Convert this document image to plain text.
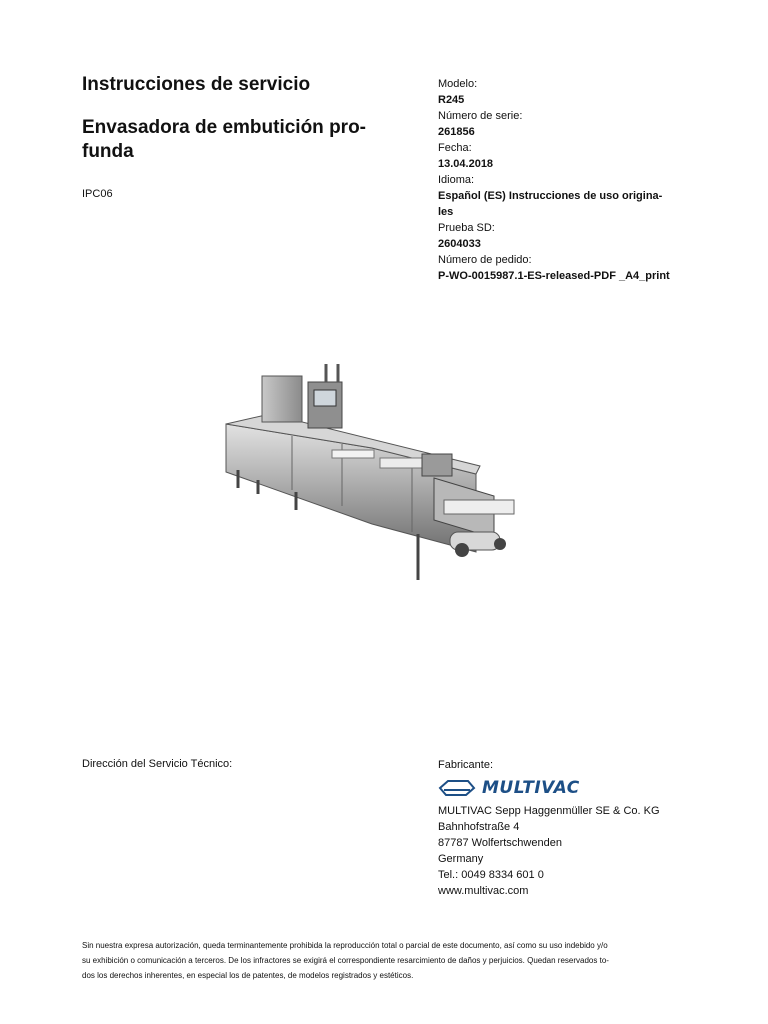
Instrucciones de servicio
Envasadora de embutición pro-
funda
IPC06
Modelo:
R245
Número de serie:
261856
Fecha:
13.04.2018
Idioma:
Español (ES) Instrucciones de uso origina-
les
Prueba SD:
2604033
Número de pedido:
P-WO-0015987.1-ES-released-PDF _A4_print
Dirección del Servicio Técnico:	Fabricante:
MULTIVAC
MULTIVAC Sepp Haggenmüller SE & Co. KG
Bahnhofstraße 4
87787 Wolfertschwenden
Germany
Tel.: 0049 8334 601 0
www.multivac.com
Sin nuestra expresa autorización, queda terminantemente prohibida la reproducción total o parcial de este documento, así como su uso indebido y/o
su exhibición o comunicación a terceros. De los infractores se exigirá el correspondiente resarcimiento de daños y perjuicios. Quedan reservados to-
dos los derechos inherentes, en especial los de patentes, de modelos registrados y estéticos.
